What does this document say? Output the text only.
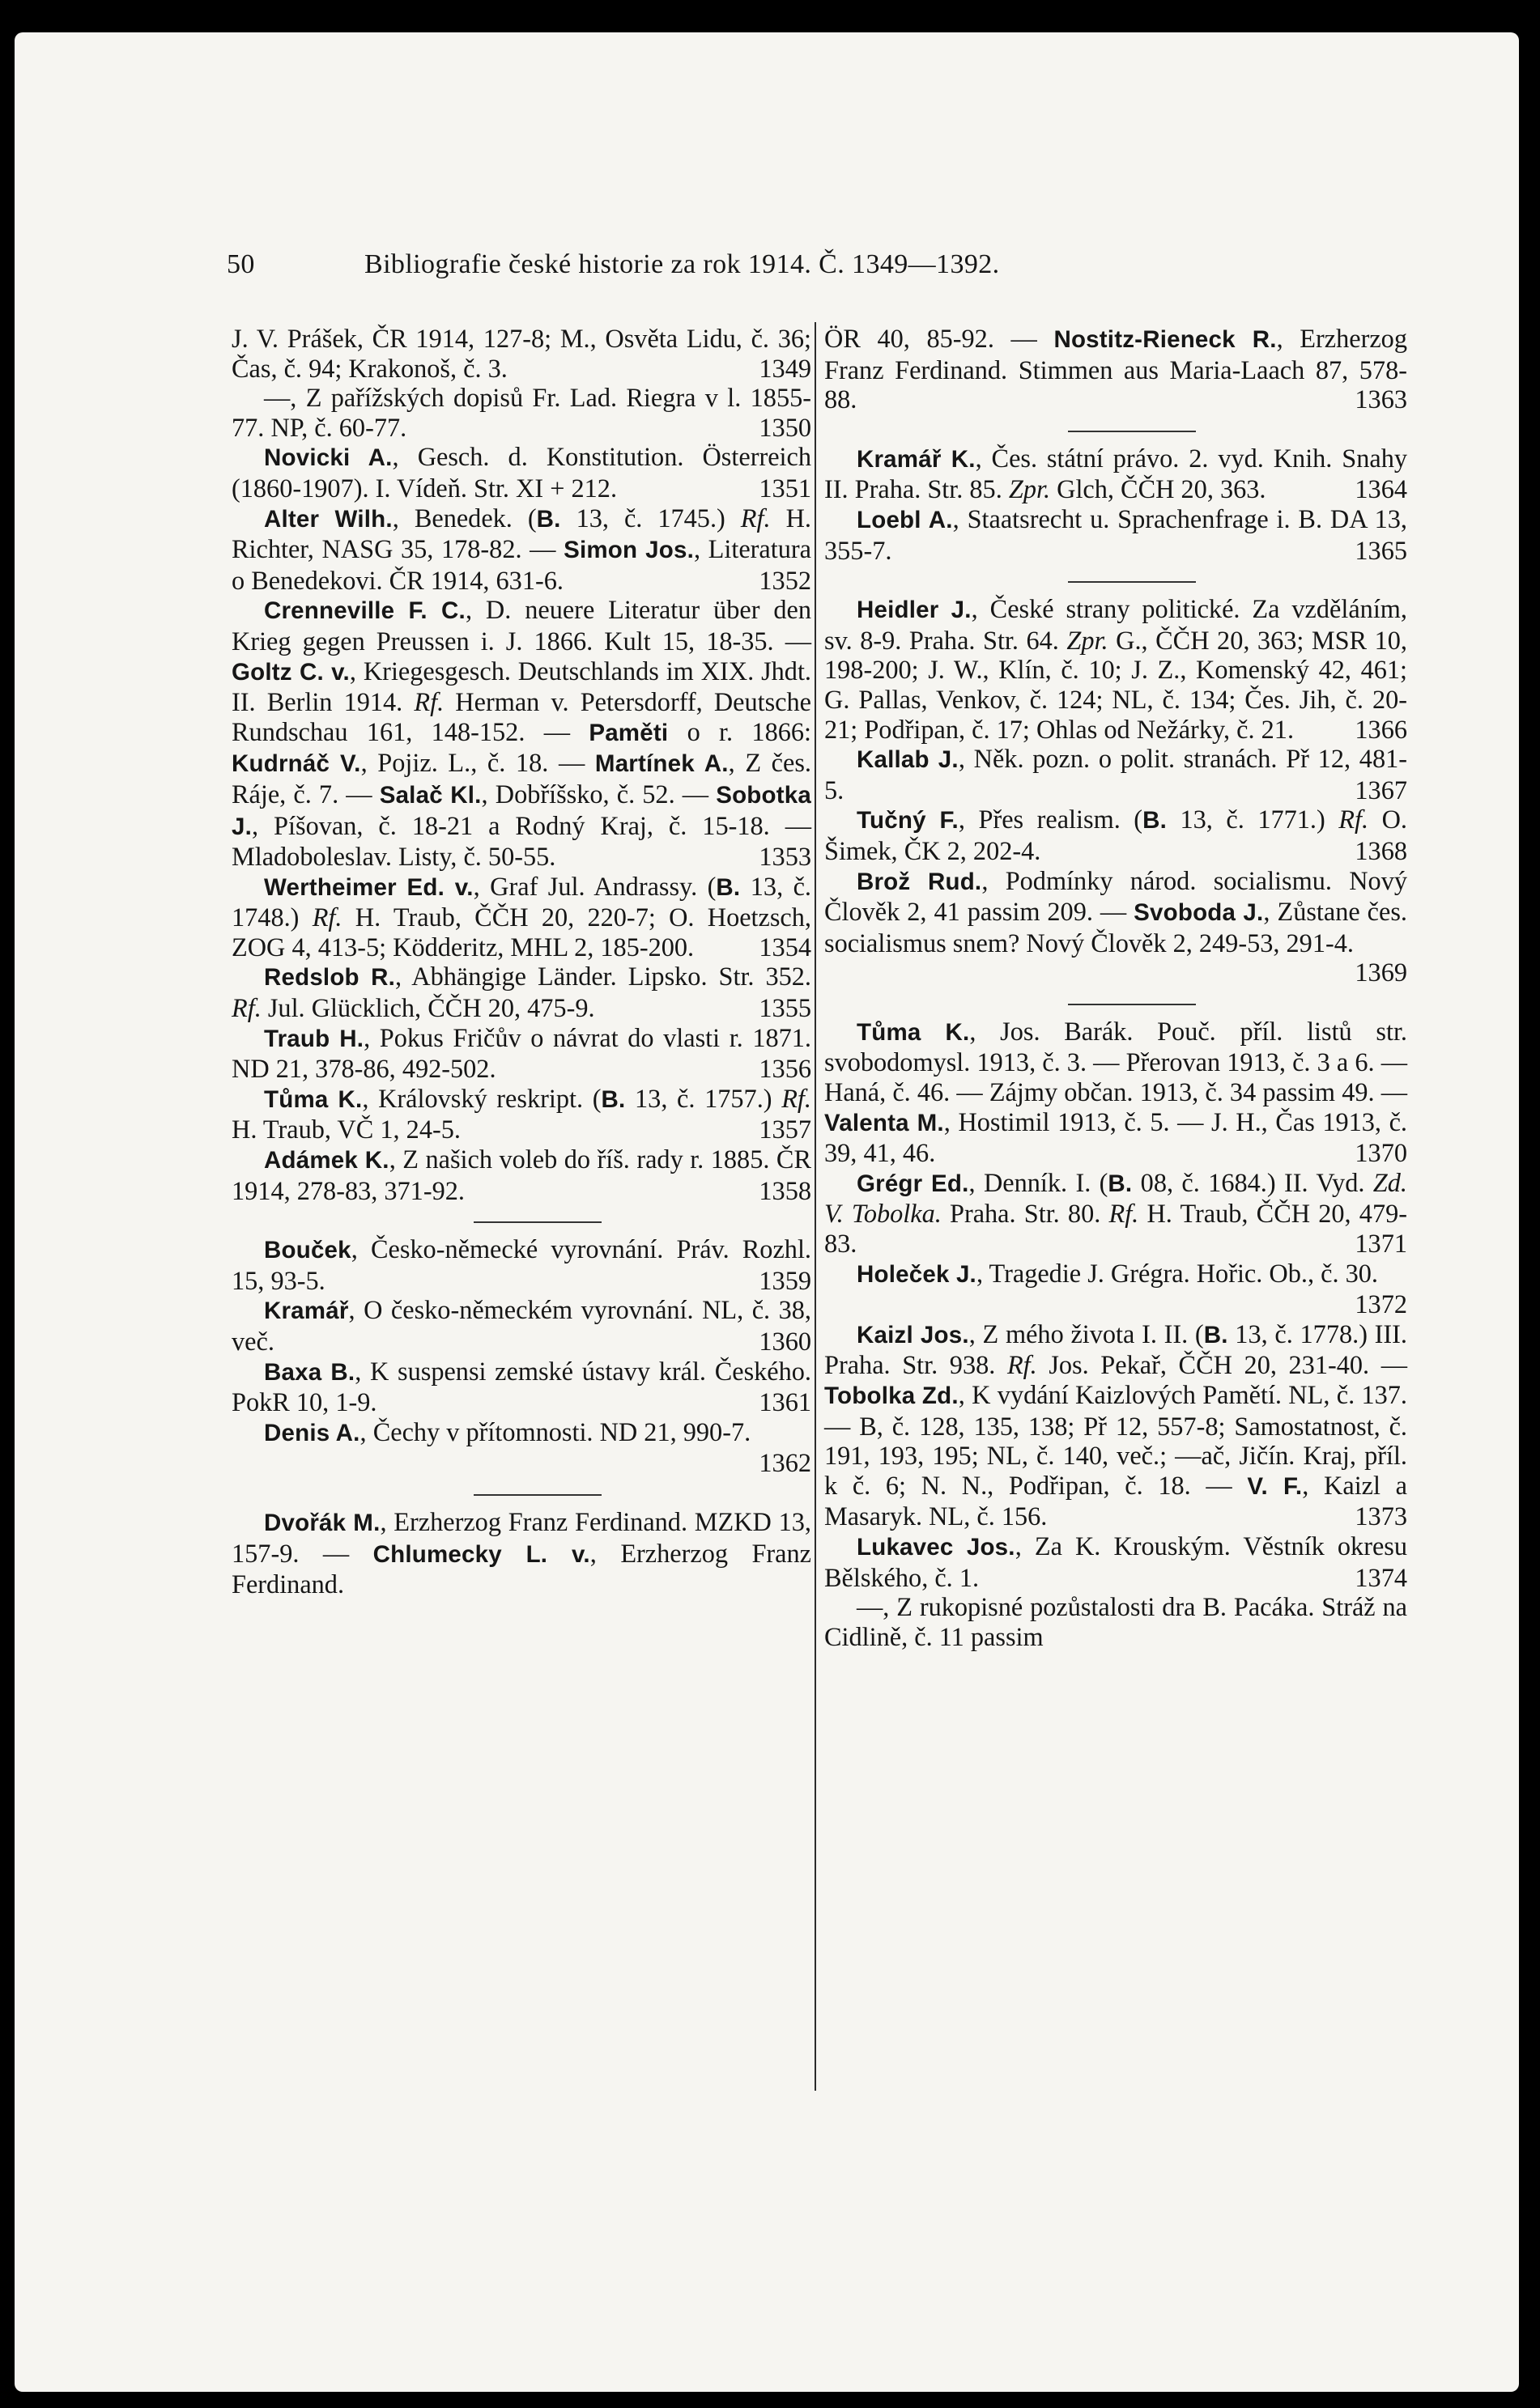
50	Bibliografie české historie za rok 1914. Č. 1349—1392.

J. V. Prášek, ČR 1914, 127-8; M., Osvěta Lidu, č. 36; Čas, č. 94; Krakonoš, č. 3.	1349

—, Z pařížských dopisů Fr. Lad. Riegra v l. 1855-77. NP, č. 60-77.	1350

Novicki A., Gesch. d. Konstitution. Österreich (1860-1907). I. Vídeň. Str. XI + 212.	1351

Alter Wilh., Benedek. (B. 13, č. 1745.) Rf. H. Richter, NASG 35, 178-82. — Simon Jos., Literatura o Benedekovi. ČR 1914, 631-6.	1352

Crenneville F. C., D. neuere Literatur über den Krieg gegen Preussen i. J. 1866. Kult 15, 18-35. — Goltz C. v., Kriegesgesch. Deutschlands im XIX. Jhdt. II. Berlin 1914. Rf. Herman v. Petersdorff, Deutsche Rundschau 161, 148-152. — Paměti o r. 1866: Kudrnáč V., Pojiz. L., č. 18. — Martínek A., Z čes. Ráje, č. 7. — Salač Kl., Dobříšsko, č. 52. — Sobotka J., Píšovan, č. 18-21 a Rodný Kraj, č. 15-18. — Mladoboleslav. Listy, č. 50-55.	1353

Wertheimer Ed. v., Graf Jul. Andrassy. (B. 13, č. 1748.) Rf. H. Traub, ČČH 20, 220-7; O. Hoetzsch, ZOG 4, 413-5; Ködderitz, MHL 2, 185-200.	1354

Redslob R., Abhängige Länder. Lipsko. Str. 352. Rf. Jul. Glücklich, ČČH 20, 475-9.	1355

Traub H., Pokus Fričův o návrat do vlasti r. 1871. ND 21, 378-86, 492-502.	1356

Tůma K., Královský reskript. (B. 13, č. 1757.) Rf. H. Traub, VČ 1, 24-5.	1357

Adámek K., Z našich voleb do říš. rady r. 1885. ČR 1914, 278-83, 371-92.	1358

Bouček, Česko-německé vyrovnání. Práv. Rozhl. 15, 93-5.	1359

Kramář, O česko-německém vyrovnání. NL, č. 38, več.	1360

Baxa B., K suspensi zemské ústavy král. Českého. PokR 10, 1-9.	1361

Denis A., Čechy v přítomnosti. ND 21, 990-7.
1362

Dvořák M., Erzherzog Franz Ferdinand. MZKD 13, 157-9. — Chlumecky L. v., Erzherzog Franz Ferdinand.

ÖR 40, 85-92. — Nostitz-Rieneck R., Erzherzog Franz Ferdinand. Stimmen aus Maria-Laach 87, 578-88.	1363

Kramář K., Čes. státní právo. 2. vyd. Knih. Snahy II. Praha. Str. 85. Zpr. Glch, ČČH 20, 363.	1364

Loebl A., Staatsrecht u. Sprachenfrage i. B. DA 13, 355-7.	1365

Heidler J., České strany politické. Za vzděláním, sv. 8-9. Praha. Str. 64. Zpr. G., ČČH 20, 363; MSR 10, 198-200; J. W., Klín, č. 10; J. Z., Komenský 42, 461; G. Pallas, Venkov, č. 124; NL, č. 134; Čes. Jih, č. 20-21; Podřipan, č. 17; Ohlas od Nežárky, č. 21.	1366

Kallab J., Něk. pozn. o polit. stranách. Př 12, 481-5.	1367

Tučný F., Přes realism. (B. 13, č. 1771.) Rf. O. Šimek, ČK 2, 202-4.	1368

Brož Rud., Podmínky národ. socialismu. Nový Člověk 2, 41 passim 209. — Svoboda J., Zůstane čes. socialismus snem? Nový Člověk 2, 249-53, 291-4.
1369

Tůma K., Jos. Barák. Pouč. příl. listů str. svobodomysl. 1913, č. 3. — Přerovan 1913, č. 3 a 6. — Haná, č. 46. — Zájmy občan. 1913, č. 34 passim 49. — Valenta M., Hostimil 1913, č. 5. — J. H., Čas 1913, č. 39, 41, 46.	1370

Grégr Ed., Denník. I. (B. 08, č. 1684.) II. Vyd. Zd. V. Tobolka. Praha. Str. 80. Rf. H. Traub, ČČH 20, 479-83.	1371

Holeček J., Tragedie J. Grégra. Hořic. Ob., č. 30.
1372

Kaizl Jos., Z mého života I. II. (B. 13, č. 1778.) III. Praha. Str. 938. Rf. Jos. Pekař, ČČH 20, 231-40. — Tobolka Zd., K vydání Kaizlových Pamětí. NL, č. 137. — B, č. 128, 135, 138; Př 12, 557-8; Samostatnost, č. 191, 193, 195; NL, č. 140, več.; —ač, Jičín. Kraj, příl. k č. 6; N. N., Podřipan, č. 18. — V. F., Kaizl a Masaryk. NL, č. 156.	1373

Lukavec Jos., Za K. Krouským. Věstník okresu Bělského, č. 1.	1374

—, Z rukopisné pozůstalosti dra B. Pacáka. Stráž na Cidlině, č. 11 passim
